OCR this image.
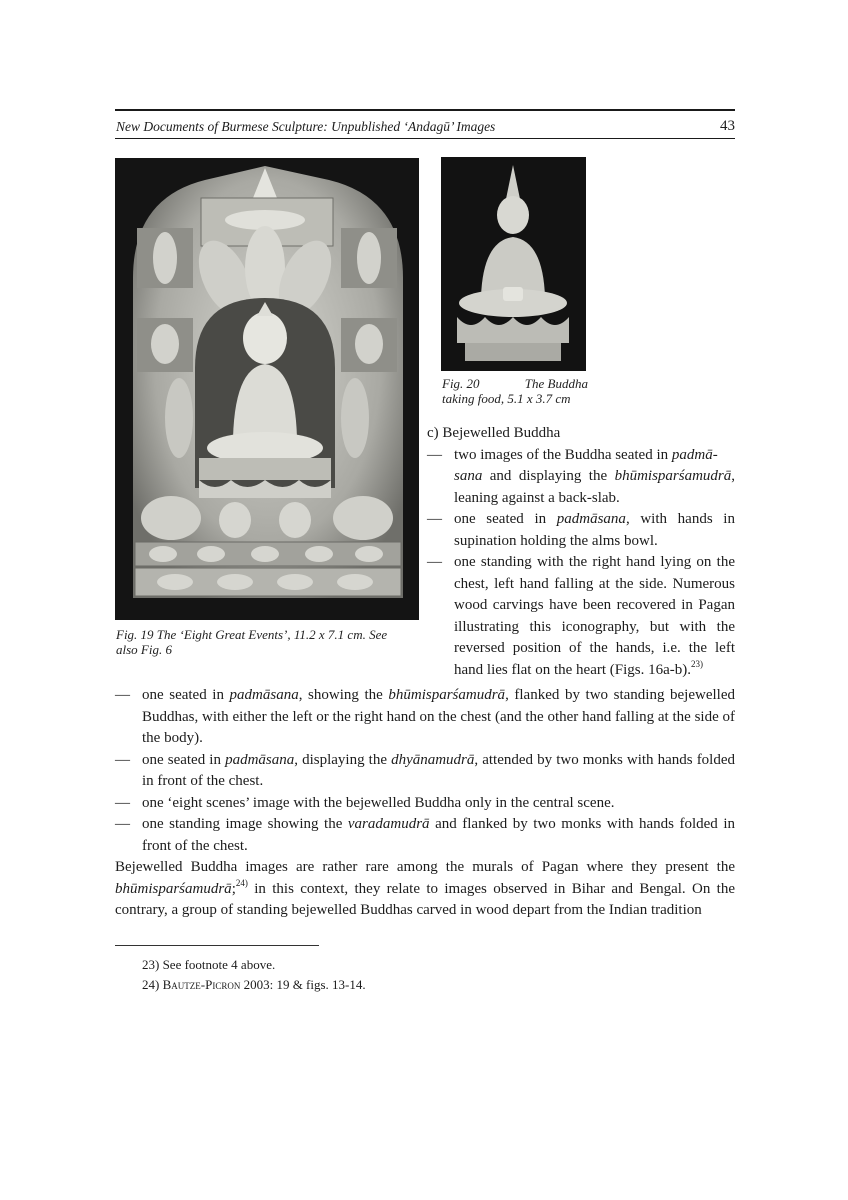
New Documents of Burmese Sculpture: Unpublished ‘Andagū’ Images	43
Fig. 19 The ‘Eight Great Events’, 11.2 x 7.1 cm. See
also Fig. 6
Fig. 20	The Buddha
taking food, 5.1 x 3.7 cm

c) Bejewelled Buddha

— two images of the Buddha seated in padmā-
sana and displaying the bhūmisparśamudrā, leaning against a back-slab.
— one seated in padmāsana, with hands in supination holding the alms bowl.
— one standing with the right hand lying on the chest, left hand falling at the side. Numerous wood carvings have been recovered in Pagan illustrating this iconography, but with the reversed position of the hands, i.e. the left hand lies flat on the heart (Figs. 16a-b).$^{23)}$
— one seated in padmāsana, showing the bhūmisparśamudrā, flanked by two standing bejewelled Buddhas, with either the left or the right hand on the chest (and the other hand falling at the side of the body).
— one seated in padmāsana, displaying the dhyānamudrā, attended by two monks with hands folded in front of the chest.
— one ‘eight scenes’ image with the bejewelled Buddha only in the central scene.
— one standing image showing the varadamudrā and flanked by two monks with hands folded in front of the chest.

Bejewelled Buddha images are rather rare among the murals of Pagan where they present the bhūmisparśamudrā;$^{24)}$ in this context, they relate to images observed in Bihar and Bengal. On the contrary, a group of standing bejewelled Buddhas carved in wood depart from the Indian tradition

23) See footnote 4 above.
24) Bautze-Picron 2003: 19 & figs. 13-14.
